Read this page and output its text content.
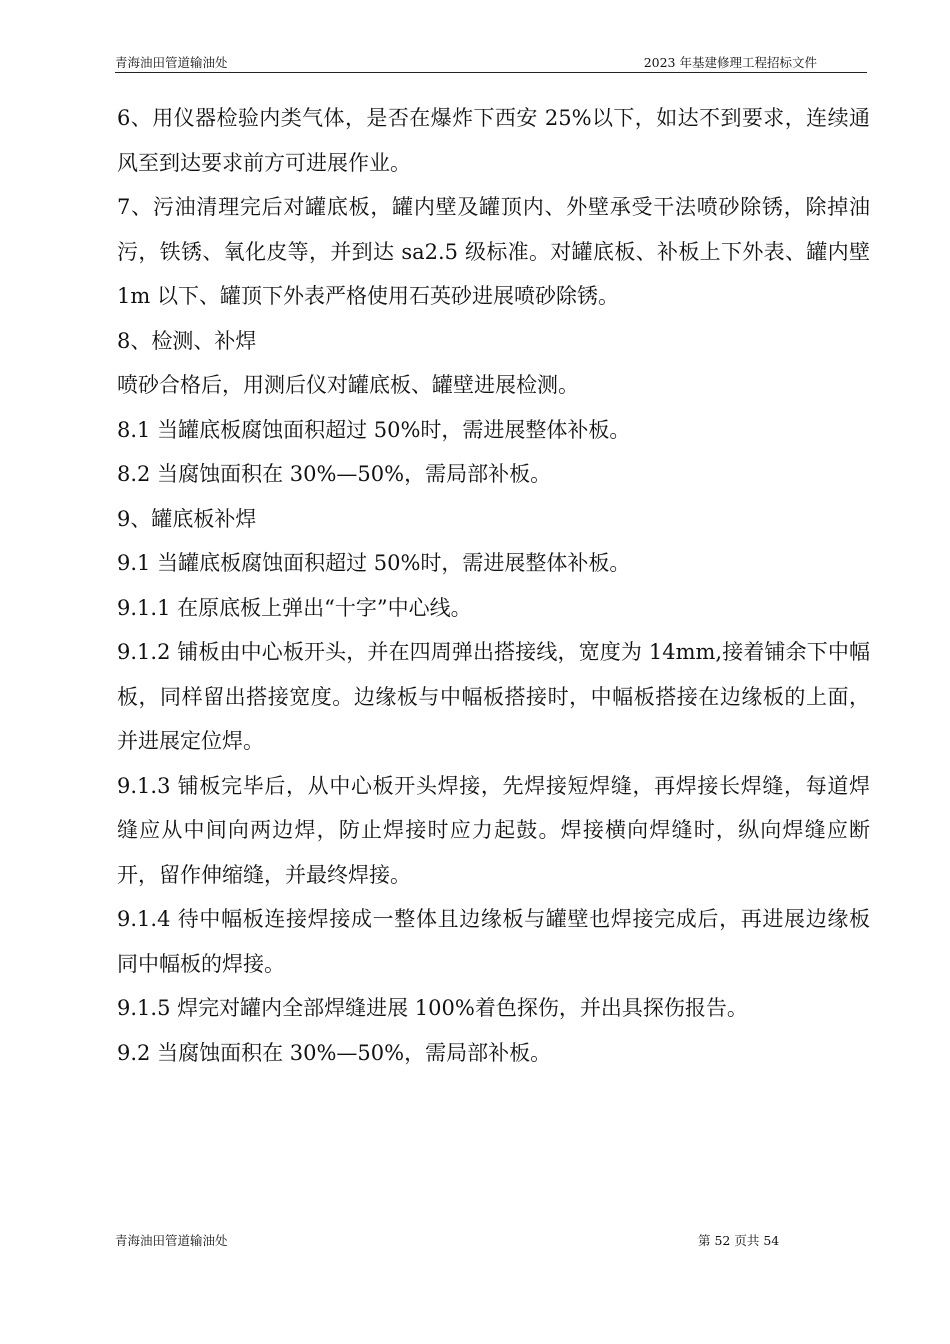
青海油田管道输油处	2023 年基建修理工程招标文件

6、用仪器检验内类气体，是否在爆炸下西安 25%以下，如达不到要求，连续通风至到达要求前方可进展作业。

7、污油清理完后对罐底板，罐内壁及罐顶内、外壁承受干法喷砂除锈，除掉油污，铁锈、氧化皮等，并到达 sa2.5 级标准。对罐底板、补板上下外表、罐内壁 1m 以下、罐顶下外表严格使用石英砂进展喷砂除锈。

8、检测、补焊

喷砂合格后，用测后仪对罐底板、罐壁进展检测。

8.1 当罐底板腐蚀面积超过 50%时，需进展整体补板。

8.2 当腐蚀面积在 30%—50%，需局部补板。

9、罐底板补焊

9.1 当罐底板腐蚀面积超过 50%时，需进展整体补板。

9.1.1 在原底板上弹出“十字”中心线。

9.1.2 铺板由中心板开头，并在四周弹出搭接线，宽度为 14mm,接着铺余下中幅板，同样留出搭接宽度。边缘板与中幅板搭接时，中幅板搭接在边缘板的上面，并进展定位焊。

9.1.3 铺板完毕后，从中心板开头焊接，先焊接短焊缝，再焊接长焊缝，每道焊缝应从中间向两边焊，防止焊接时应力起鼓。焊接横向焊缝时，纵向焊缝应断开，留作伸缩缝，并最终焊接。

9.1.4 待中幅板连接焊接成一整体且边缘板与罐壁也焊接完成后，再进展边缘板同中幅板的焊接。

9.1.5 焊完对罐内全部焊缝进展 100%着色探伤，并出具探伤报告。

9.2 当腐蚀面积在 30%—50%，需局部补板。

青海油田管道输油处	第 52 页共 54
